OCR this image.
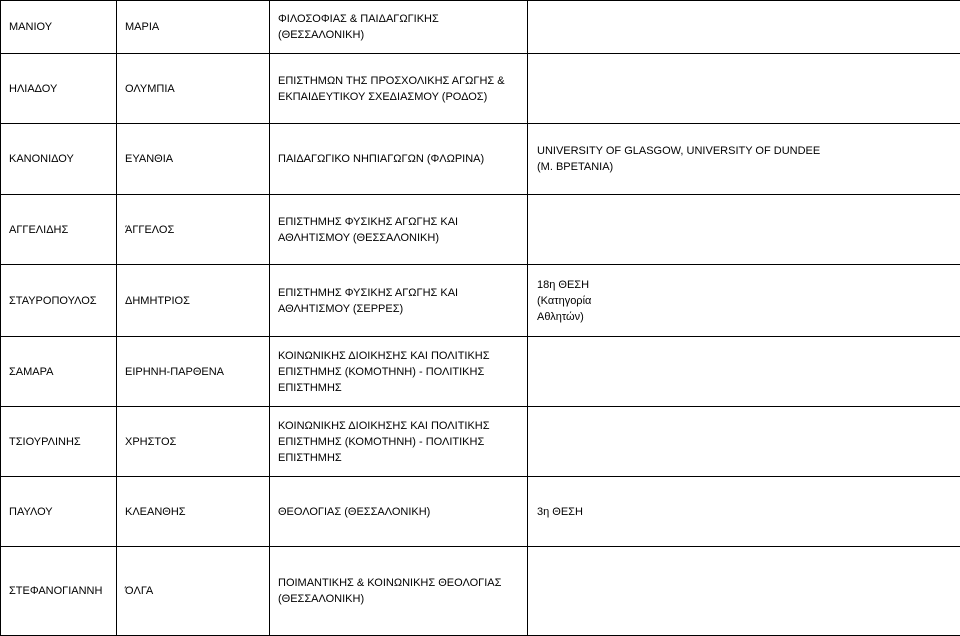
ΜΑΝΙΟΥ	ΜΑΡΙΑ	ΦΙΛΟΣΟΦΙΑΣ & ΠΑΙΔΑΓΩΓΙΚΗΣ
(ΘΕΣΣΑΛΟΝΙΚΗ)	
ΗΛΙΑΔΟΥ	ΟΛΥΜΠΙΑ	ΕΠΙΣΤΗΜΩΝ ΤΗΣ ΠΡΟΣΧΟΛΙΚΗΣ ΑΓΩΓΗΣ &
ΕΚΠΑΙΔΕΥΤΙΚΟΥ ΣΧΕΔΙΑΣΜΟΥ (ΡΟΔΟΣ)	
ΚΑΝΟΝΙΔΟΥ	ΕΥΑΝΘΙΑ	ΠΑΙΔΑΓΩΓΙΚΟ ΝΗΠΙΑΓΩΓΩΝ (ΦΛΩΡΙΝΑ)	UNIVERSITY OF GLASGOW, UNIVERSITY OF DUNDEE
(Μ. ΒΡΕΤΑΝΙΑ)
ΑΓΓΕΛΙΔΗΣ	ΆΓΓΕΛΟΣ	ΕΠΙΣΤΗΜΗΣ ΦΥΣΙΚΗΣ ΑΓΩΓΗΣ ΚΑΙ
ΑΘΛΗΤΙΣΜΟΥ (ΘΕΣΣΑΛΟΝΙΚΗ)	
ΣΤΑΥΡΟΠΟΥΛΟΣ	ΔΗΜΗΤΡΙΟΣ	ΕΠΙΣΤΗΜΗΣ ΦΥΣΙΚΗΣ ΑΓΩΓΗΣ ΚΑΙ
ΑΘΛΗΤΙΣΜΟΥ (ΣΕΡΡΕΣ)	18η ΘΕΣΗ
(Κατηγορία
Αθλητών)
ΣΑΜΑΡΑ	ΕΙΡΗΝΗ-ΠΑΡΘΕΝΑ	ΚΟΙΝΩΝΙΚΗΣ ΔΙΟΙΚΗΣΗΣ ΚΑΙ ΠΟΛΙΤΙΚΗΣ
ΕΠΙΣΤΗΜΗΣ (ΚΟΜΟΤΗΝΗ) - ΠΟΛΙΤΙΚΗΣ
ΕΠΙΣΤΗΜΗΣ	
ΤΣΙΟΥΡΛΙΝΗΣ	ΧΡΗΣΤΟΣ	ΚΟΙΝΩΝΙΚΗΣ ΔΙΟΙΚΗΣΗΣ ΚΑΙ ΠΟΛΙΤΙΚΗΣ
ΕΠΙΣΤΗΜΗΣ (ΚΟΜΟΤΗΝΗ) - ΠΟΛΙΤΙΚΗΣ
ΕΠΙΣΤΗΜΗΣ	
ΠΑΥΛΟΥ	ΚΛΕΑΝΘΗΣ	ΘΕΟΛΟΓΙΑΣ (ΘΕΣΣΑΛΟΝΙΚΗ)	3η ΘΕΣΗ
ΣΤΕΦΑΝΟΓΙΑΝΝΗ	ΌΛΓΑ	ΠΟΙΜΑΝΤΙΚΗΣ & ΚΟΙΝΩΝΙΚΗΣ ΘΕΟΛΟΓΙΑΣ
(ΘΕΣΣΑΛΟΝΙΚΗ)	
